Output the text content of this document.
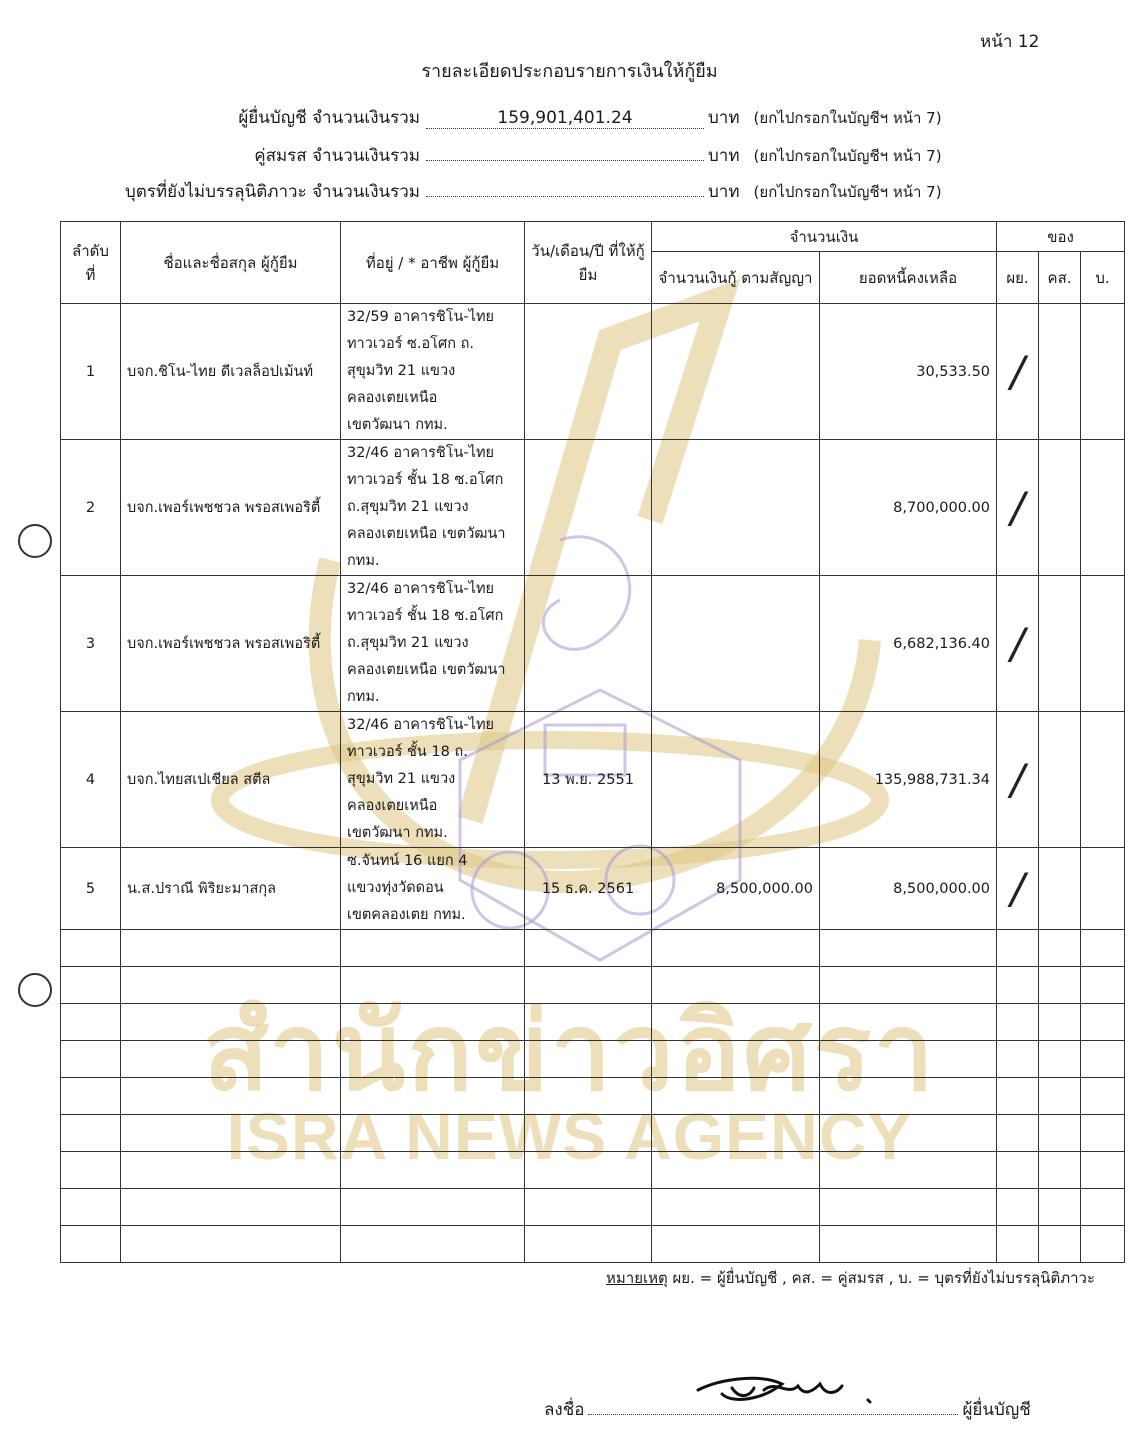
สำนักข่าวอิศรา
ISRA NEWS AGENCY
หน้า 12
รายละเอียดประกอบรายการเงินให้กู้ยืม
ผู้ยื่นบัญชี จำนวนเงินรวม	159,901,401.24	บาท (ยกไปกรอกในบัญชีฯ หน้า 7)
คู่สมรส จำนวนเงินรวม	บาท (ยกไปกรอกในบัญชีฯ หน้า 7)
บุตรที่ยังไม่บรรลุนิติภาวะ จำนวนเงินรวม	บาท (ยกไปกรอกในบัญชีฯ หน้า 7)
ลำดับ ที่	ชื่อและชื่อสกุล ผู้กู้ยืม	ที่อยู่ / * อาชีพ ผู้กู้ยืม	วัน/เดือน/ปี ที่ให้กู้ยืม	จำนวนเงิน		ของ		
				จำนวนเงินกู้ ตามสัญญา	ยอดหนี้คงเหลือ	ผย.	คส.	บ.
1	บจก.ชิโน-ไทย ดีเวลล็อปเม้นท์	32/59 อาคารชิโน-ไทย
ทาวเวอร์ ซ.อโศก ถ.
สุขุมวิท 21 แขวง
คลองเตยเหนือ
เขตวัฒนา กทม.			30,533.50	/		
2	บจก.เพอร์เพชชวล พรอสเพอริตี้	32/46 อาคารชิโน-ไทย
ทาวเวอร์ ชั้น 18 ซ.อโศก
ถ.สุขุมวิท 21 แขวง
คลองเตยเหนือ เขตวัฒนา
กทม.			8,700,000.00	/		
3	บจก.เพอร์เพชชวล พรอสเพอริตี้	32/46 อาคารชิโน-ไทย
ทาวเวอร์ ชั้น 18 ซ.อโศก
ถ.สุขุมวิท 21 แขวง
คลองเตยเหนือ เขตวัฒนา
กทม.			6,682,136.40	/		
4	บจก.ไทยสเปเชียล สตีล	32/46 อาคารชิโน-ไทย
ทาวเวอร์ ชั้น 18 ถ.
สุขุมวิท 21 แขวง
คลองเตยเหนือ
เขตวัฒนา กทม.	13 พ.ย. 2551		135,988,731.34	/		
5	น.ส.ปราณี พิริยะมาสกุล	ซ.จันทน์ 16 แยก 4
แขวงทุ่งวัดดอน
เขตคลองเตย กทม.	15 ธ.ค. 2561	8,500,000.00	8,500,000.00	/		

หมายเหตุ ผย. = ผู้ยื่นบัญชี , คส. = คู่สมรส , บ. = บุตรที่ยังไม่บรรลุนิติภาวะ
ลงชื่อ	ผู้ยื่นบัญชี
